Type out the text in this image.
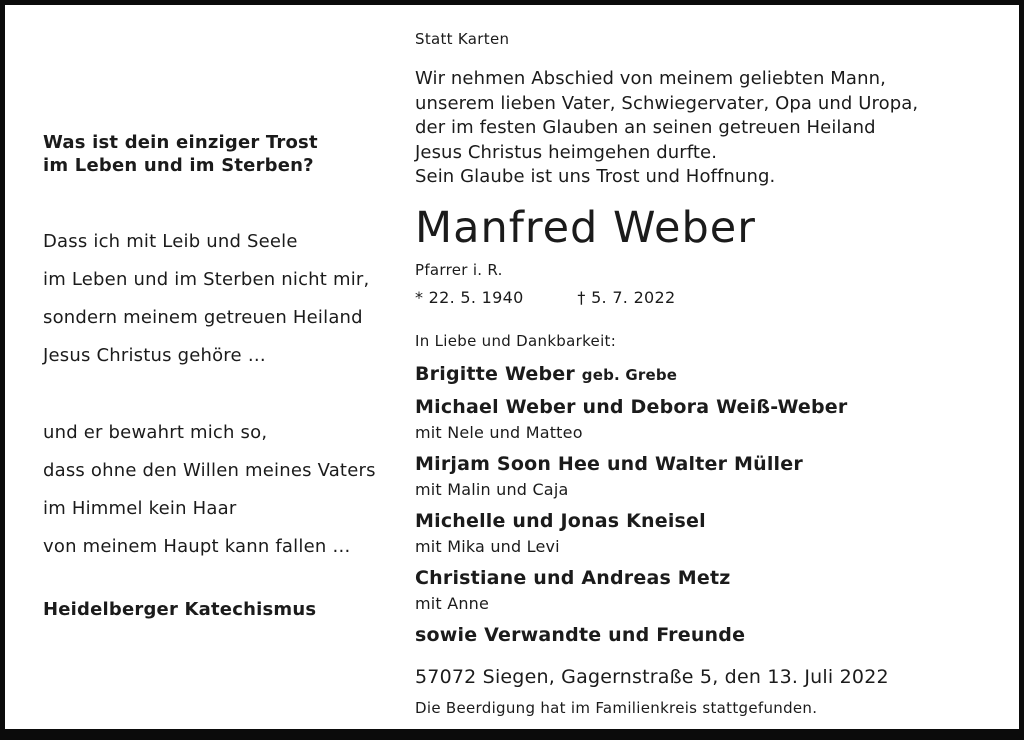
Was ist dein einziger Trost
im Leben und im Sterben?
Dass ich mit Leib und Seele
im Leben und im Sterben nicht mir,
sondern meinem getreuen Heiland
Jesus Christus gehöre …
und er bewahrt mich so,
dass ohne den Willen meines Vaters
im Himmel kein Haar
von meinem Haupt kann fallen …
Heidelberger Katechismus
Statt Karten
Wir nehmen Abschied von meinem geliebten Mann,
unserem lieben Vater, Schwiegervater, Opa und Uropa,
der im festen Glauben an seinen getreuen Heiland
Jesus Christus heimgehen durfte.
Sein Glaube ist uns Trost und Hoffnung.
Manfred Weber
Pfarrer i. R.
* 22. 5. 1940	† 5. 7. 2022
In Liebe und Dankbarkeit:
Brigitte Weber geb. Grebe
Michael Weber und Debora Weiß-Weber
mit Nele und Matteo
Mirjam Soon Hee und Walter Müller
mit Malin und Caja
Michelle und Jonas Kneisel
mit Mika und Levi
Christiane und Andreas Metz
mit Anne
sowie Verwandte und Freunde
57072 Siegen, Gagernstraße 5, den 13. Juli 2022
Die Beerdigung hat im Familienkreis stattgefunden.
